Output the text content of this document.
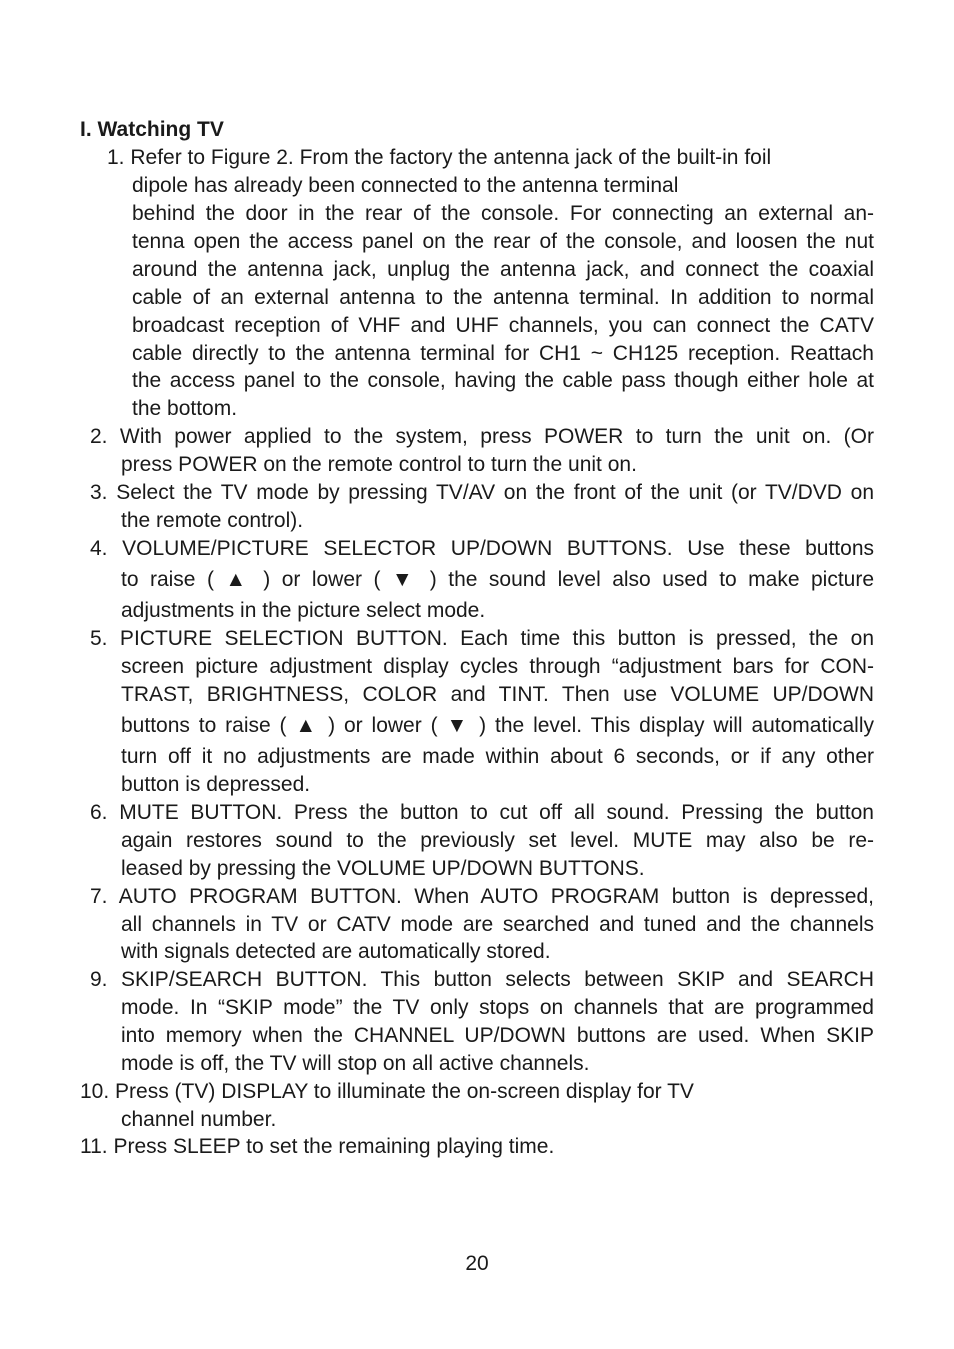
I. Watching TV
1. Refer to Figure 2. From the factory the antenna jack of the built-in foil
dipole has already been connected to the antenna terminal
behind the door in the rear of the console. For connecting an external an-
tenna open the access panel on the rear of the console, and loosen the nut
around the antenna jack, unplug the antenna jack, and connect the coaxial
cable of an external antenna to the antenna terminal. In addition to normal
broadcast reception of VHF and UHF channels, you can connect the CATV
cable directly to the antenna terminal for CH1 ~ CH125 reception. Reattach
the access panel to the console, having the cable pass though either hole at
the bottom.
2. With power applied to the system, press POWER to turn the unit on. (Or
press POWER on the remote control to turn the unit on.
3. Select the TV mode by pressing TV/AV on the front of the unit (or TV/DVD on
the remote control).
4. VOLUME/PICTURE SELECTOR UP/DOWN BUTTONS. Use these buttons
to raise ( ▲ ) or lower ( ▼ ) the sound level also used to make picture
adjustments in the picture select mode.
5. PICTURE SELECTION BUTTON. Each time this button is pressed, the on
screen picture adjustment display cycles through “adjustment bars for CON-
TRAST, BRIGHTNESS, COLOR and TINT. Then use VOLUME UP/DOWN
buttons to raise ( ▲ ) or lower ( ▼ ) the level. This display will automatically
turn off it no adjustments are made within about 6 seconds, or if any other
button is depressed.
6. MUTE BUTTON. Press the button to cut off all sound. Pressing the button
again restores sound to the previously set level. MUTE may also be re-
leased by pressing the VOLUME UP/DOWN BUTTONS.
7. AUTO PROGRAM BUTTON. When AUTO PROGRAM button is depressed,
all channels in TV or CATV mode are searched and tuned and the channels
with signals detected are automatically stored.
9. SKIP/SEARCH BUTTON. This button selects between SKIP and SEARCH
mode. In “SKIP mode” the TV only stops on channels that are programmed
into memory when the CHANNEL UP/DOWN buttons are used. When SKIP
mode is off, the TV will stop on all active channels.
10. Press (TV) DISPLAY to illuminate the on-screen display for TV
channel number.
11. Press SLEEP to set the remaining playing time.
20
